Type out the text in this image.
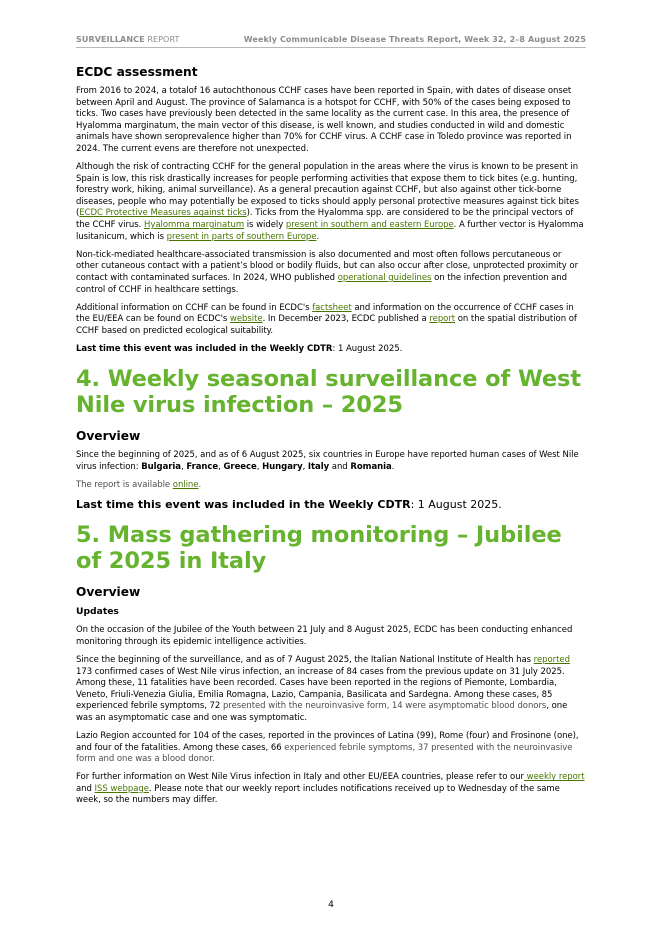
SURVEILLANCE REPORT	Weekly Communicable Disease Threats Report, Week 32, 2–8 August 2025
ECDC assessment

From 2016 to 2024, a totalof 16 autochthonous CCHF cases have been reported in Spain, with dates of disease onset between April and August. The province of Salamanca is a hotspot for CCHF, with 50% of the cases being exposed to ticks. Two cases have previously been detected in the same locality as the current case. In this area, the presence of Hyalomma marginatum, the main vector of this disease, is well known, and studies conducted in wild and domestic animals have shown seroprevalence higher than 70% for CCHF virus. A CCHF case in Toledo province was reported in 2024. The current evens are therefore not unexpected.

Although the risk of contracting CCHF for the general population in the areas where the virus is known to be present in Spain is low, this risk drastically increases for people performing activities that expose them to tick bites (e.g. hunting, forestry work, hiking, animal surveillance). As a general precaution against CCHF, but also against other tick-borne diseases, people who may potentially be exposed to ticks should apply personal protective measures against tick bites (ECDC Protective Measures against ticks). Ticks from the Hyalomma spp. are considered to be the principal vectors of the CCHF virus. Hyalomma marginatum is widely present in southern and eastern Europe. A further vector is Hyalomma lusitanicum, which is present in parts of southern Europe.

Non-tick-mediated healthcare-associated transmission is also documented and most often follows percutaneous or other cutaneous contact with a patient’s blood or bodily fluids, but can also occur after close, unprotected proximity or contact with contaminated surfaces. In 2024, WHO published operational guidelines on the infection prevention and control of CCHF in healthcare settings.

Additional information on CCHF can be found in ECDC's factsheet and information on the occurrence of CCHF cases in the EU/EEA can be found on ECDC's website. In December 2023, ECDC published a report on the spatial distribution of CCHF based on predicted ecological suitability.

Last time this event was included in the Weekly CDTR: 1 August 2025.

4. Weekly seasonal surveillance of West Nile virus infection – 2025
Overview

Since the beginning of 2025, and as of 6 August 2025, six countries in Europe have reported human cases of West Nile virus infection: Bulgaria, France, Greece, Hungary, Italy and Romania.

The report is available online.

Last time this event was included in the Weekly CDTR: 1 August 2025.

5. Mass gathering monitoring – Jubilee of 2025 in Italy
Overview
Updates

On the occasion of the Jubilee of the Youth between 21 July and 8 August 2025, ECDC has been conducting enhanced monitoring through its epidemic intelligence activities.

Since the beginning of the surveillance, and as of 7 August 2025, the Italian National Institute of Health has reported 173 confirmed cases of West Nile virus infection, an increase of 84 cases from the previous update on 31 July 2025. Among these, 11 fatalities have been recorded. Cases have been reported in the regions of Piemonte, Lombardia, Veneto, Friuli-Venezia Giulia, Emilia Romagna, Lazio, Campania, Basilicata and Sardegna. Among these cases, 85 experienced febrile symptoms, 72 presented with the neuroinvasive form, 14 were asymptomatic blood donors, one was an asymptomatic case and one was symptomatic.

Lazio Region accounted for 104 of the cases, reported in the provinces of Latina (99), Rome (four) and Frosinone (one), and four of the fatalities. Among these cases, 66 experienced febrile symptoms, 37 presented with the neuroinvasive form and one was a blood donor.

For further information on West Nile Virus infection in Italy and other EU/EEA countries, please refer to our weekly report and ISS webpage. Please note that our weekly report includes notifications received up to Wednesday of the same week, so the numbers may differ.

4
